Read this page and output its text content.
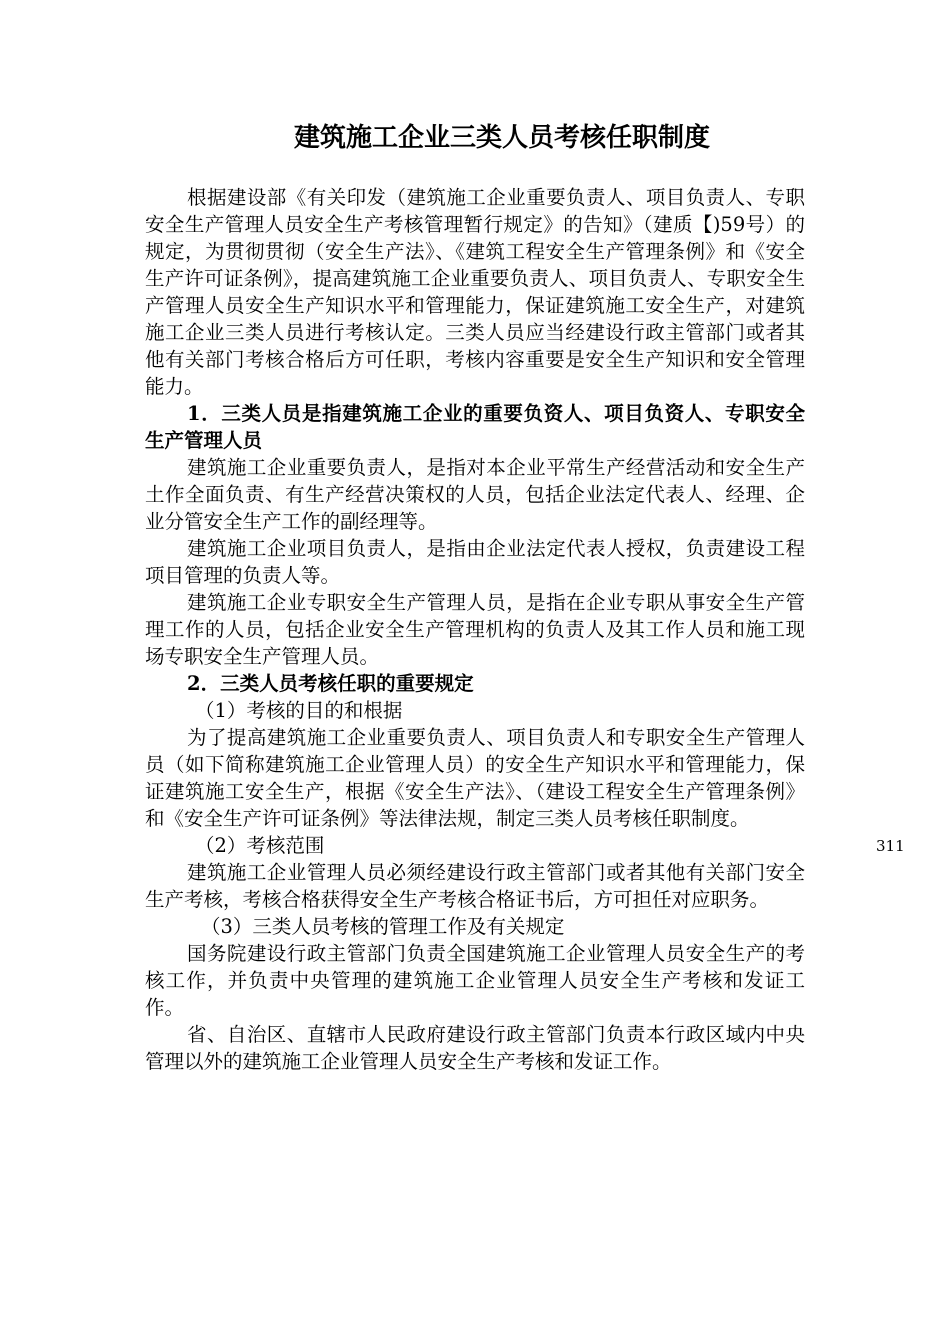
建筑施工企业三类人员考核任职制度

根据建设部《有关印发（建筑施工企业重要负责人、项目负责人、专职安全生产管理人员安全生产考核管理暂行规定》的告知》（建质【)59号）的规定，为贯彻贯彻（安全生产法》、《建筑工程安全生产管理条例》和《安全生产许可证条例》，提高建筑施工企业重要负责人、项目负责人、专职安全生产管理人员安全生产知识水平和管理能力，保证建筑施工安全生产，对建筑施工企业三类人员进行考核认定。三类人员应当经建设行政主管部门或者其他有关部门考核合格后方可任职，考核内容重要是安全生产知识和安全管理能力。

1．三类人员是指建筑施工企业的重要负资人、项目负资人、专职安全生产管理人员

建筑施工企业重要负责人，是指对本企业平常生产经营活动和安全生产土作全面负责、有生产经营决策权的人员，包括企业法定代表人、经理、企业分管安全生产工作的副经理等。

建筑施工企业项目负责人，是指由企业法定代表人授权，负责建设工程项目管理的负责人等。

建筑施工企业专职安全生产管理人员，是指在企业专职从事安全生产管理工作的人员，包括企业安全生产管理机构的负责人及其工作人员和施工现场专职安全生产管理人员。

2．三类人员考核任职的重要规定

（1）考核的目的和根据

为了提高建筑施工企业重要负责人、项目负责人和专职安全生产管理人员（如下简称建筑施工企业管理人员）的安全生产知识水平和管理能力，保证建筑施工安全生产，根据《安全生产法》、（建设工程安全生产管理条例》和《安全生产许可证条例》等法律法规，制定三类人员考核任职制度。

（2）考核范围

建筑施工企业管理人员必须经建设行政主管部门或者其他有关部门安全生产考核，考核合格获得安全生产考核合格证书后，方可担任对应职务。

（3）三类人员考核的管理工作及有关规定

国务院建设行政主管部门负责全国建筑施工企业管理人员安全生产的考核工作，并负责中央管理的建筑施工企业管理人员安全生产考核和发证工作。

省、自治区、直辖市人民政府建设行政主管部门负责本行政区域内中央管理以外的建筑施工企业管理人员安全生产考核和发证工作。

311
